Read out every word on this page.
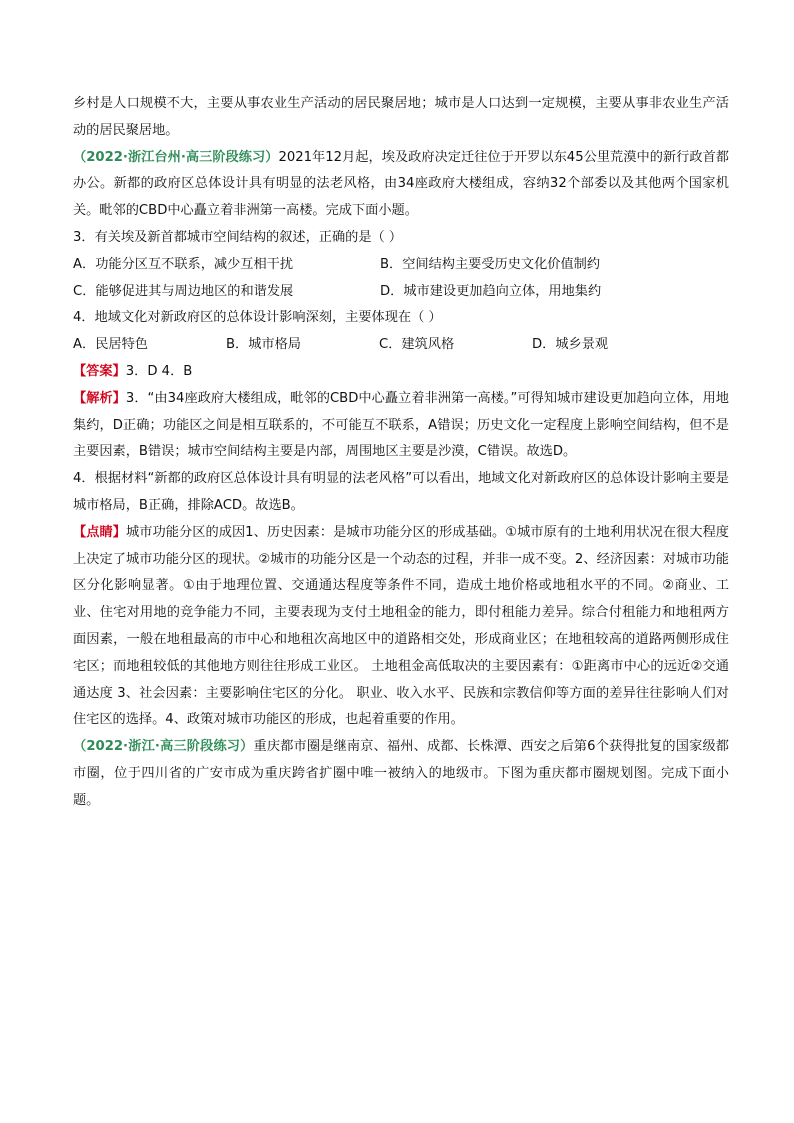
乡村是人口规模不大，主要从事农业生产活动的居民聚居地；城市是人口达到一定规模，主要从事非农业生产活动的居民聚居地。

（2022·浙江台州·高三阶段练习）2021年12月起，埃及政府决定迁往位于开罗以东45公里荒漠中的新行政首都办公。新都的政府区总体设计具有明显的法老风格，由34座政府大楼组成，容纳32个部委以及其他两个国家机关。毗邻的CBD中心矗立着非洲第一高楼。完成下面小题。

3．有关埃及新首都城市空间结构的叙述，正确的是（ ）

A．功能分区互不联系，减少互相干扰	B．空间结构主要受历史文化价值制约
C．能够促进其与周边地区的和谐发展	D．城市建设更加趋向立体，用地集约

4．地域文化对新政府区的总体设计影响深刻，主要体现在（ ）

A．民居特色	B．城市格局	C．建筑风格	D．城乡景观

【答案】3．D 4．B

【解析】3．“由34座政府大楼组成，毗邻的CBD中心矗立着非洲第一高楼。”可得知城市建设更加趋向立体，用地集约，D正确；功能区之间是相互联系的，不可能互不联系，A错误；历史文化一定程度上影响空间结构，但不是主要因素，B错误；城市空间结构主要是内部，周围地区主要是沙漠，C错误。故选D。

4．根据材料“新都的政府区总体设计具有明显的法老风格”可以看出，地域文化对新政府区的总体设计影响主要是城市格局，B正确，排除ACD。故选B。

【点睛】城市功能分区的成因1、历史因素：是城市功能分区的形成基础。①城市原有的土地利用状况在很大程度上决定了城市功能分区的现状。②城市的功能分区是一个动态的过程，并非一成不变。2、经济因素：对城市功能区分化影响显著。①由于地理位置、交通通达程度等条件不同，造成土地价格或地租水平的不同。②商业、工业、住宅对用地的竞争能力不同，主要表现为支付土地租金的能力，即付租能力差异。综合付租能力和地租两方面因素，一般在地租最高的市中心和地租次高地区中的道路相交处，形成商业区；在地租较高的道路两侧形成住宅区；而地租较低的其他地方则往往形成工业区。 土地租金高低取决的主要因素有：①距离市中心的远近②交通通达度 3、社会因素：主要影响住宅区的分化。 职业、收入水平、民族和宗教信仰等方面的差异往往影响人们对住宅区的选择。4、政策对城市功能区的形成，也起着重要的作用。

（2022·浙江·高三阶段练习）重庆都市圈是继南京、福州、成都、长株潭、西安之后第6个获得批复的国家级都市圈，位于四川省的广安市成为重庆跨省扩圈中唯一被纳入的地级市。下图为重庆都市圈规划图。完成下面小题。
